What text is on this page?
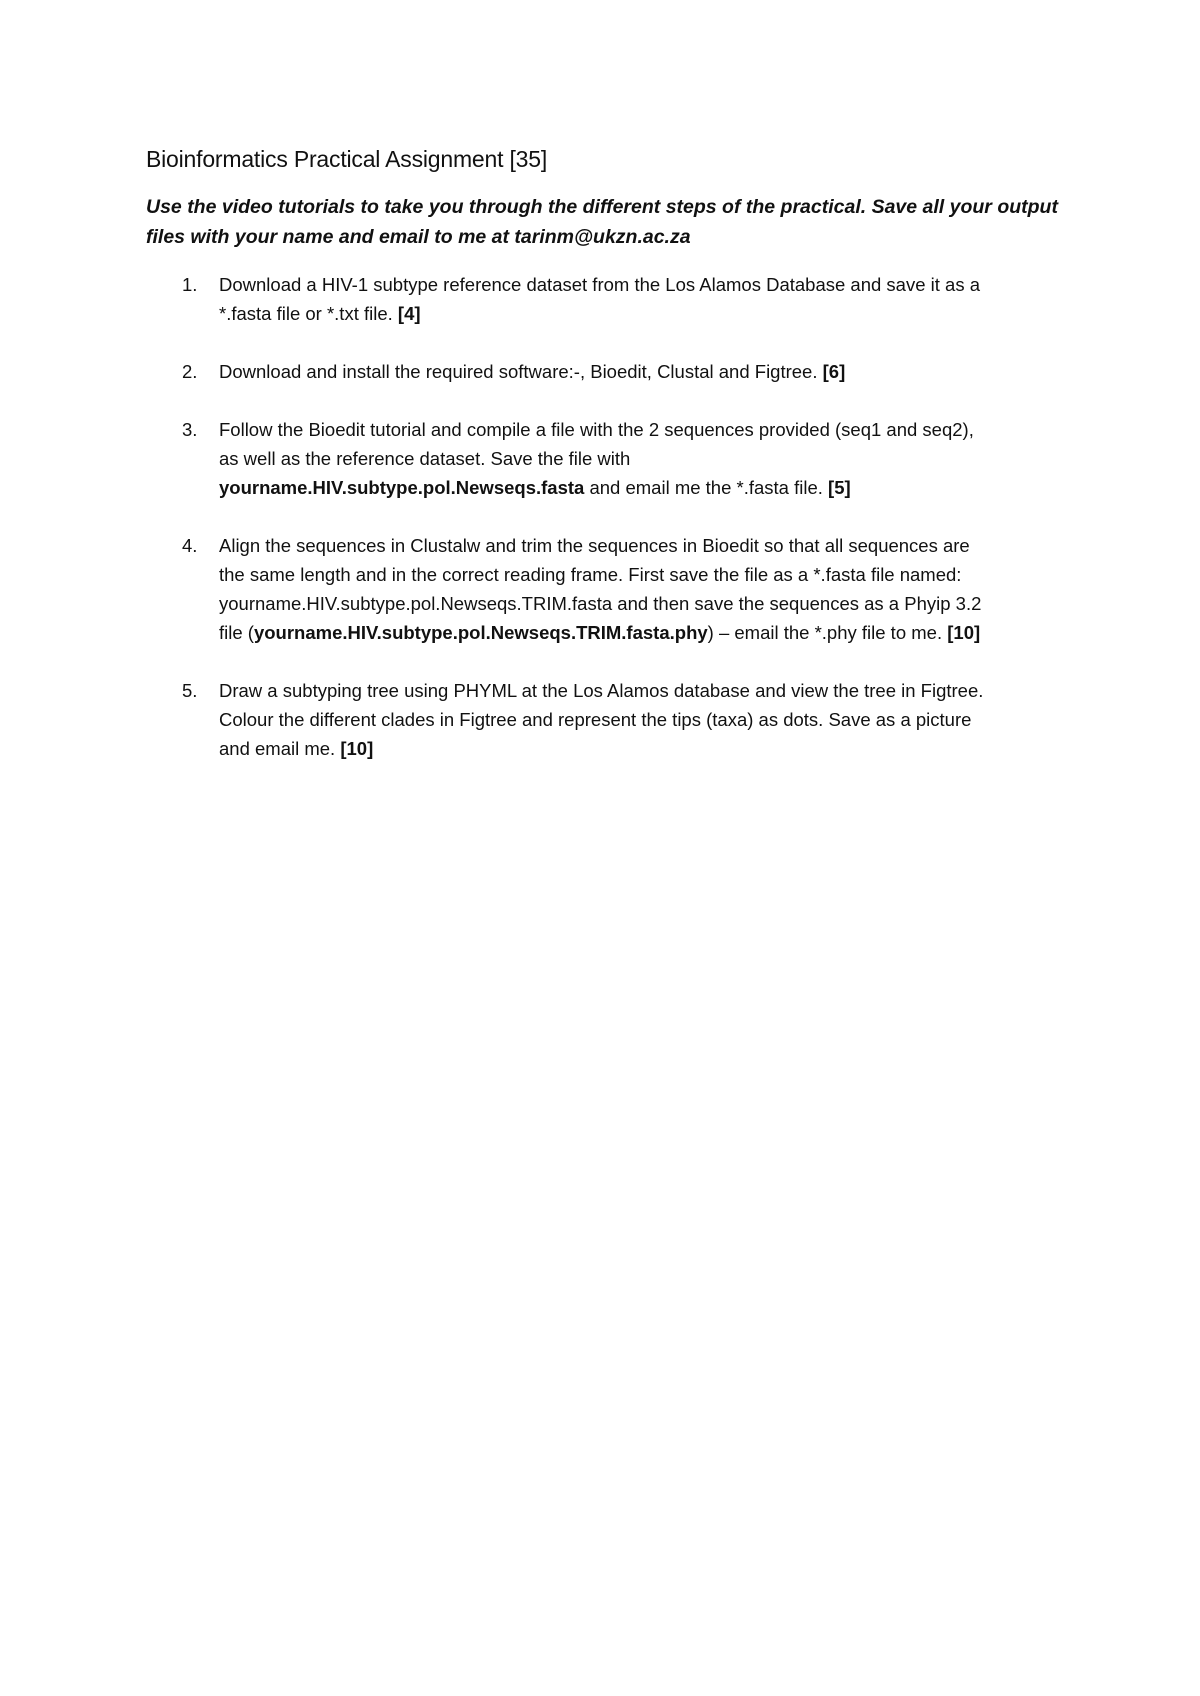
Bioinformatics Practical Assignment [35]

Use the video tutorials to take you through the different steps of the practical. Save all your output
files with your name and email to me at tarinm@ukzn.ac.za

1. Download a HIV-1 subtype reference dataset from the Los Alamos Database and save it as a
*.fasta file or *.txt file. [4]
2. Download and install the required software:-, Bioedit, Clustal and Figtree. [6]
3. Follow the Bioedit tutorial and compile a file with the 2 sequences provided (seq1 and seq2),
as well as the reference dataset. Save the file with
yourname.HIV.subtype.pol.Newseqs.fasta and email me the *.fasta file. [5]
4. Align the sequences in Clustalw and trim the sequences in Bioedit so that all sequences are
the same length and in the correct reading frame. First save the file as a *.fasta file named:
yourname.HIV.subtype.pol.Newseqs.TRIM.fasta and then save the sequences as a Phyip 3.2
file (yourname.HIV.subtype.pol.Newseqs.TRIM.fasta.phy) – email the *.phy file to me. [10]
5. Draw a subtyping tree using PHYML at the Los Alamos database and view the tree in Figtree.
Colour the different clades in Figtree and represent the tips (taxa) as dots. Save as a picture
and email me. [10]
